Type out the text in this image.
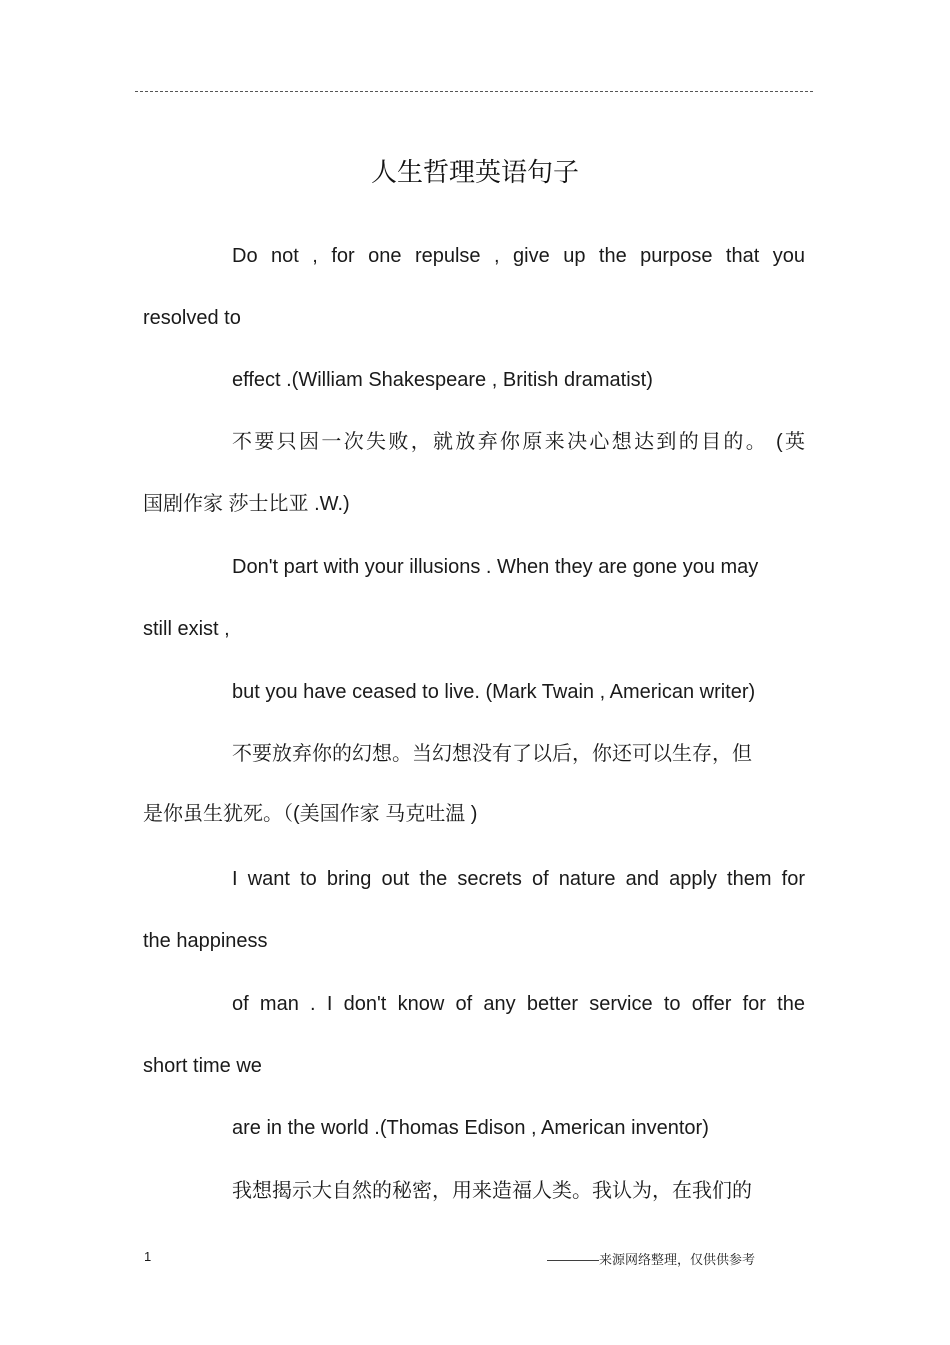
人生哲理英语句子
Do not , for one repulse , give up the purpose that you
resolved to
effect .(William Shakespeare , British dramatist)
不要只因一次失败，就放弃你原来决心想达到的目的。 (英
国剧作家 莎士比亚 .W.)
Don't part with your illusions . When they are gone you may
still exist ,
but you have ceased to live. (Mark Twain , American writer)
不要放弃你的幻想。当幻想没有了以后，你还可以生存，但
是你虽生犹死。（(美国作家 马克吐温 )
I want to bring out the secrets of nature and apply them for
the happiness
of man . I don't know of any better service to offer for the
short time we
are in the world .(Thomas Edison , American inventor)
我想揭示大自然的秘密，用来造福人类。我认为，在我们的
1	————来源网络整理，仅供供参考
